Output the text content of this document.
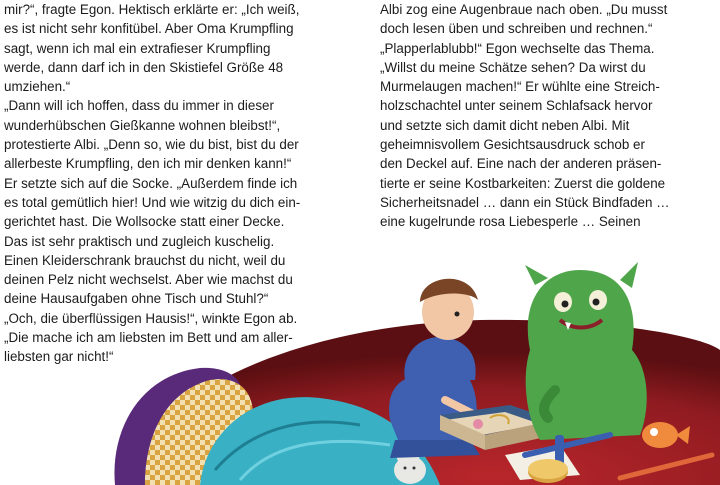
mir?“, fragte Egon. Hektisch erklärte er: „Ich weiß,
es ist nicht sehr konfitübel. Aber Oma Krumpfling
sagt, wenn ich mal ein extrafieser Krumpfling
werde, dann darf ich in den Skistiefel Größe 48
umziehen.“

„Dann will ich hoffen, dass du immer in dieser
wunderhübschen Gießkanne wohnen bleibst!“,
protestierte Albi. „Denn so, wie du bist, bist du der
allerbeste Krumpfling, den ich mir denken kann!“
Er setzte sich auf die Socke. „Außerdem finde ich
es total gemütlich hier! Und wie witzig du dich ein-
gerichtet hast. Die Wollsocke statt einer Decke.
Das ist sehr praktisch und zugleich kuschelig.
Einen Kleiderschrank brauchst du nicht, weil du
deinen Pelz nicht wechselst. Aber wie machst du
deine Hausaufgaben ohne Tisch und Stuhl?“

„Och, die überflüssigen Hausis!“, winkte Egon ab.
„Die mache ich am liebsten im Bett und am aller-
liebsten gar nicht!“

Albi zog eine Augenbraue nach oben. „Du musst
doch lesen üben und schreiben und rechnen.“

„Plapperlablubb!“ Egon wechselte das Thema.
„Willst du meine Schätze sehen? Da wirst du
Murmelaugen machen!“ Er wühlte eine Streich-
holzschachtel unter seinem Schlafsack hervor
und setzte sich damit dicht neben Albi. Mit
geheimnisvollem Gesichtsausdruck schob er
den Deckel auf. Eine nach der anderen präsen-
tierte er seine Kostbarkeiten: Zuerst die goldene
Sicherheitsnadel … dann ein Stück Bindfaden …
eine kugelrunde rosa Liebesperle … Seinen
